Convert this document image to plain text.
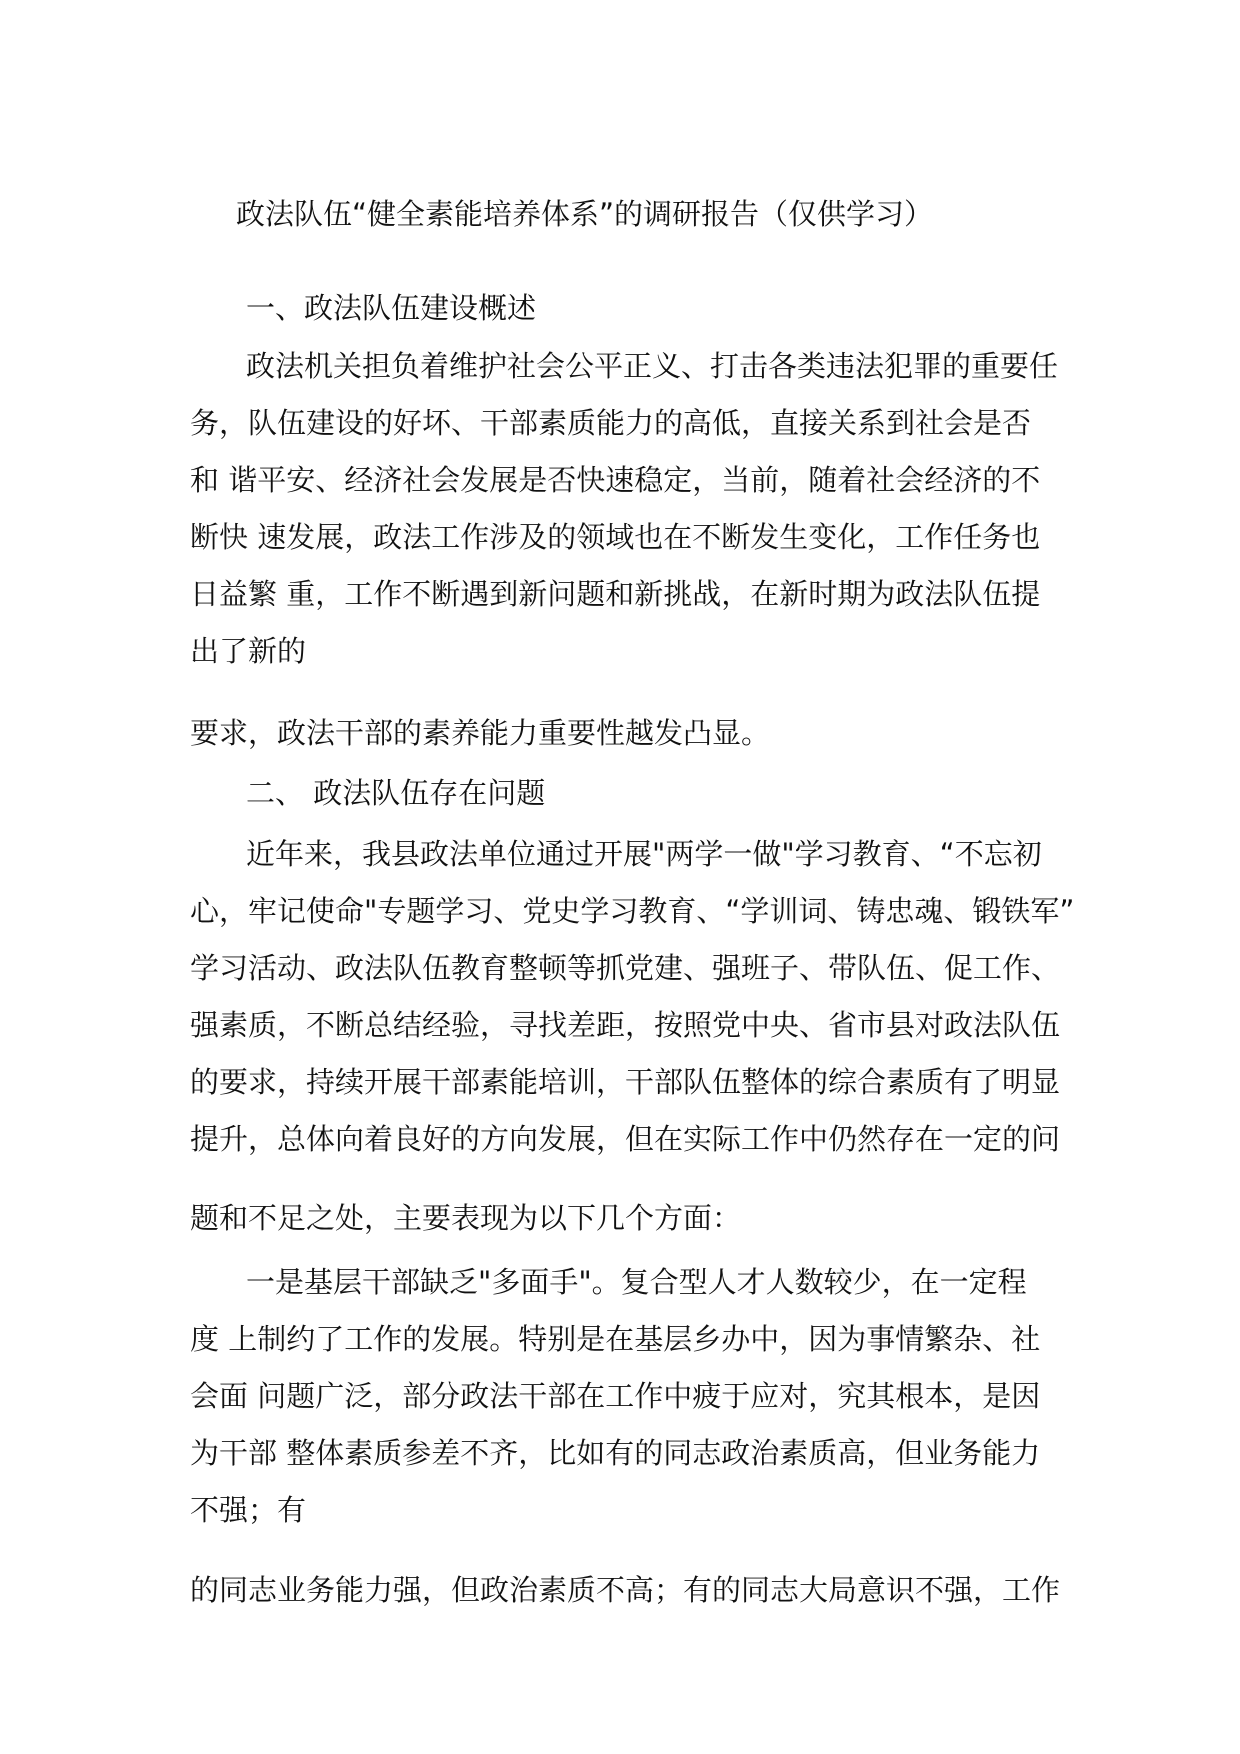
政法队伍“健全素能培养体系”的调研报告（仅供学习）
一、政法队伍建设概述
政法机关担负着维护社会公平正义、打击各类违法犯罪的重要任
务，队伍建设的好坏、干部素质能力的高低，直接关系到社会是否
和 谐平安、经济社会发展是否快速稳定，当前，随着社会经济的不
断快 速发展，政法工作涉及的领域也在不断发生变化，工作任务也
日益繁 重，工作不断遇到新问题和新挑战，在新时期为政法队伍提
出了新的
要求，政法干部的素养能力重要性越发凸显。
二、 政法队伍存在问题
近年来，我县政法单位通过开展"两学一做"学习教育、“不忘初
心，牢记使命"专题学习、党史学习教育、“学训词、铸忠魂、锻铁军”
学习活动、政法队伍教育整顿等抓党建、强班子、带队伍、促工作、
强素质，不断总结经验，寻找差距，按照党中央、省市县对政法队伍
的要求，持续开展干部素能培训，干部队伍整体的综合素质有了明显
提升，总体向着良好的方向发展，但在实际工作中仍然存在一定的问
题和不足之处，主要表现为以下几个方面：
一是基层干部缺乏"多面手"。复合型人才人数较少，在一定程
度 上制约了工作的发展。特别是在基层乡办中，因为事情繁杂、社
会面 问题广泛，部分政法干部在工作中疲于应对，究其根本，是因
为干部 整体素质参差不齐，比如有的同志政治素质高，但业务能力
不强；有
的同志业务能力强，但政治素质不高；有的同志大局意识不强，工作
